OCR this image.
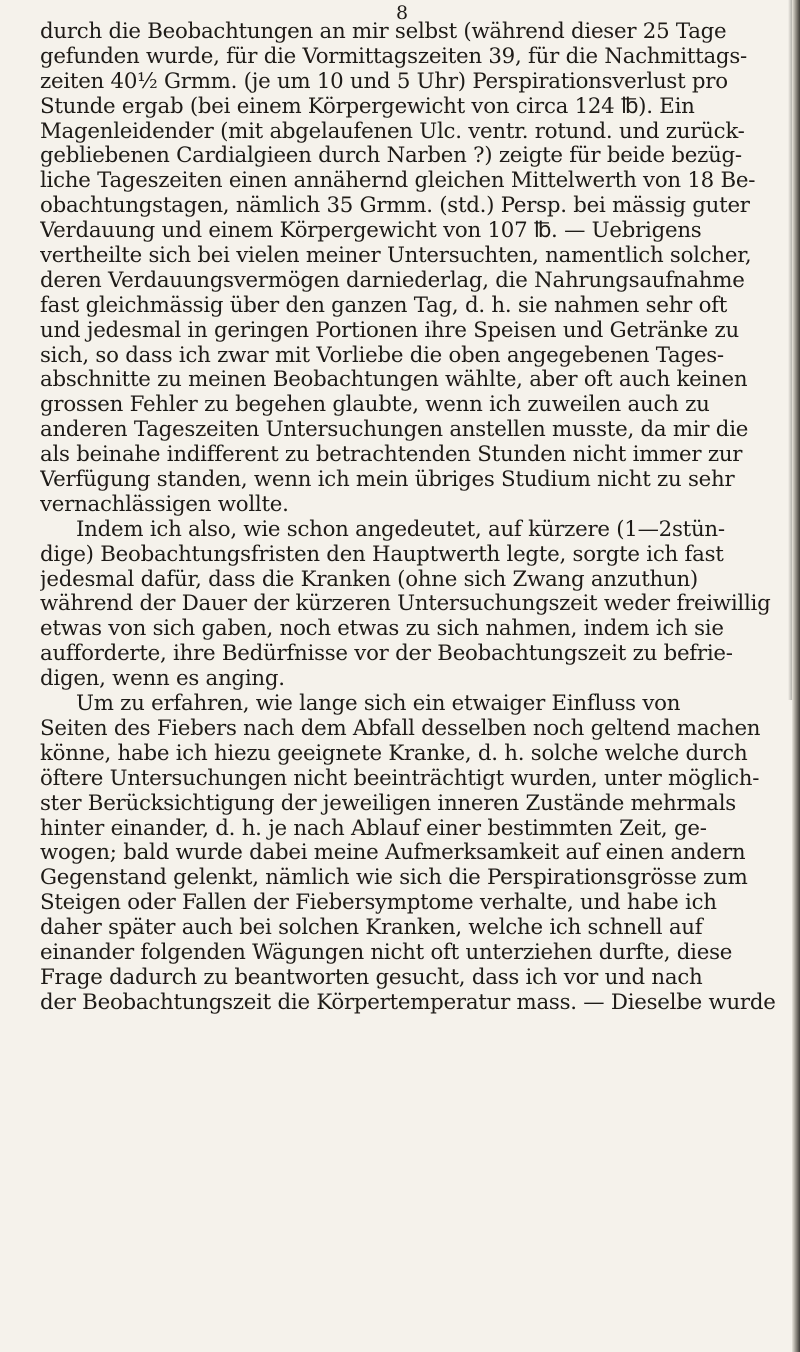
8
durch die Beobachtungen an mir selbst (während dieser 25 Tage
gefunden wurde, für die Vormittagszeiten 39, für die Nachmittags-
zeiten 40½ Grmm. (je um 10 und 5 Uhr) Perspirationsverlust pro
Stunde ergab (bei einem Körpergewicht von circa 124 ℔). Ein
Magenleidender (mit abgelaufenen Ulc. ventr. rotund. und zurück-
gebliebenen Cardialgieen durch Narben ?) zeigte für beide bezüg-
liche Tageszeiten einen annähernd gleichen Mittelwerth von 18 Be-
obachtungstagen, nämlich 35 Grmm. (std.) Persp. bei mässig guter
Verdauung und einem Körpergewicht von 107 ℔. — Uebrigens
vertheilte sich bei vielen meiner Untersuchten, namentlich solcher,
deren Verdauungsvermögen darniederlag, die Nahrungsaufnahme
fast gleichmässig über den ganzen Tag, d. h. sie nahmen sehr oft
und jedesmal in geringen Portionen ihre Speisen und Getränke zu
sich, so dass ich zwar mit Vorliebe die oben angegebenen Tages-
abschnitte zu meinen Beobachtungen wählte, aber oft auch keinen
grossen Fehler zu begehen glaubte, wenn ich zuweilen auch zu
anderen Tageszeiten Untersuchungen anstellen musste, da mir die
als beinahe indifferent zu betrachtenden Stunden nicht immer zur
Verfügung standen, wenn ich mein übriges Studium nicht zu sehr
vernachlässigen wollte.
Indem ich also, wie schon angedeutet, auf kürzere (1—2stün-
dige) Beobachtungsfristen den Hauptwerth legte, sorgte ich fast
jedesmal dafür, dass die Kranken (ohne sich Zwang anzuthun)
während der Dauer der kürzeren Untersuchungszeit weder freiwillig
etwas von sich gaben, noch etwas zu sich nahmen, indem ich sie
aufforderte, ihre Bedürfnisse vor der Beobachtungszeit zu befrie-
digen, wenn es anging.
Um zu erfahren, wie lange sich ein etwaiger Einfluss von
Seiten des Fiebers nach dem Abfall desselben noch geltend machen
könne, habe ich hiezu geeignete Kranke, d. h. solche welche durch
öftere Untersuchungen nicht beeinträchtigt wurden, unter möglich-
ster Berücksichtigung der jeweiligen inneren Zustände mehrmals
hinter einander, d. h. je nach Ablauf einer bestimmten Zeit, ge-
wogen; bald wurde dabei meine Aufmerksamkeit auf einen andern
Gegenstand gelenkt, nämlich wie sich die Perspirationsgrösse zum
Steigen oder Fallen der Fiebersymptome verhalte, und habe ich
daher später auch bei solchen Kranken, welche ich schnell auf
einander folgenden Wägungen nicht oft unterziehen durfte, diese
Frage dadurch zu beantworten gesucht, dass ich vor und nach
der Beobachtungszeit die Körpertemperatur mass. — Dieselbe wurde
